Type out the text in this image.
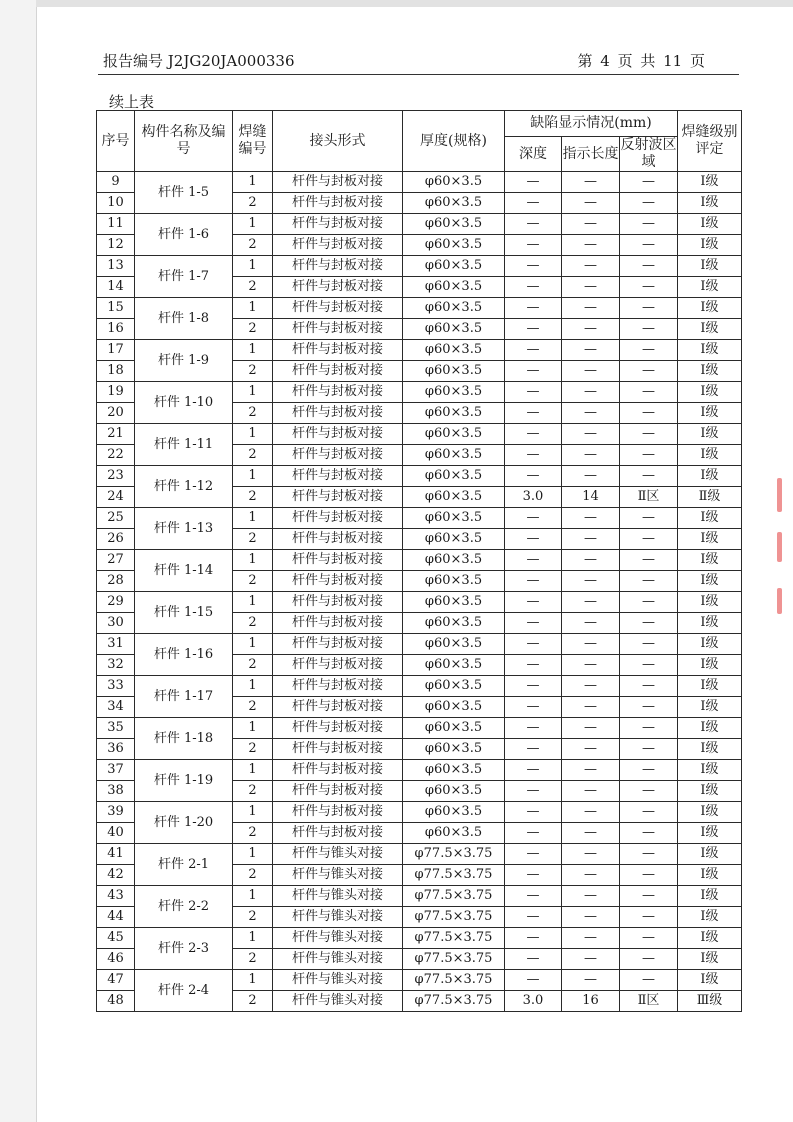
报告编号 J2JG20JA000336	第 4 页 共 11 页
续上表
序号	构件名称及编号	焊缝编号	接头形式	厚度(规格)	缺陷显示情况(mm)			焊缝级别评定
					深度	指示长度	反射波区域	
9	杆件 1-5	1	杆件与封板对接	φ60×3.5	—	—	—	Ⅰ级
10		2	杆件与封板对接	φ60×3.5	—	—	—	Ⅰ级
11	杆件 1-6	1	杆件与封板对接	φ60×3.5	—	—	—	Ⅰ级
12		2	杆件与封板对接	φ60×3.5	—	—	—	Ⅰ级
13	杆件 1-7	1	杆件与封板对接	φ60×3.5	—	—	—	Ⅰ级
14		2	杆件与封板对接	φ60×3.5	—	—	—	Ⅰ级
15	杆件 1-8	1	杆件与封板对接	φ60×3.5	—	—	—	Ⅰ级
16		2	杆件与封板对接	φ60×3.5	—	—	—	Ⅰ级
17	杆件 1-9	1	杆件与封板对接	φ60×3.5	—	—	—	Ⅰ级
18		2	杆件与封板对接	φ60×3.5	—	—	—	Ⅰ级
19	杆件 1-10	1	杆件与封板对接	φ60×3.5	—	—	—	Ⅰ级
20		2	杆件与封板对接	φ60×3.5	—	—	—	Ⅰ级
21	杆件 1-11	1	杆件与封板对接	φ60×3.5	—	—	—	Ⅰ级
22		2	杆件与封板对接	φ60×3.5	—	—	—	Ⅰ级
23	杆件 1-12	1	杆件与封板对接	φ60×3.5	—	—	—	Ⅰ级
24		2	杆件与封板对接	φ60×3.5	3.0	14	Ⅱ区	Ⅱ级
25	杆件 1-13	1	杆件与封板对接	φ60×3.5	—	—	—	Ⅰ级
26		2	杆件与封板对接	φ60×3.5	—	—	—	Ⅰ级
27	杆件 1-14	1	杆件与封板对接	φ60×3.5	—	—	—	Ⅰ级
28		2	杆件与封板对接	φ60×3.5	—	—	—	Ⅰ级
29	杆件 1-15	1	杆件与封板对接	φ60×3.5	—	—	—	Ⅰ级
30		2	杆件与封板对接	φ60×3.5	—	—	—	Ⅰ级
31	杆件 1-16	1	杆件与封板对接	φ60×3.5	—	—	—	Ⅰ级
32		2	杆件与封板对接	φ60×3.5	—	—	—	Ⅰ级
33	杆件 1-17	1	杆件与封板对接	φ60×3.5	—	—	—	Ⅰ级
34		2	杆件与封板对接	φ60×3.5	—	—	—	Ⅰ级
35	杆件 1-18	1	杆件与封板对接	φ60×3.5	—	—	—	Ⅰ级
36		2	杆件与封板对接	φ60×3.5	—	—	—	Ⅰ级
37	杆件 1-19	1	杆件与封板对接	φ60×3.5	—	—	—	Ⅰ级
38		2	杆件与封板对接	φ60×3.5	—	—	—	Ⅰ级
39	杆件 1-20	1	杆件与封板对接	φ60×3.5	—	—	—	Ⅰ级
40		2	杆件与封板对接	φ60×3.5	—	—	—	Ⅰ级
41	杆件 2-1	1	杆件与锥头对接	φ77.5×3.75	—	—	—	Ⅰ级
42		2	杆件与锥头对接	φ77.5×3.75	—	—	—	Ⅰ级
43	杆件 2-2	1	杆件与锥头对接	φ77.5×3.75	—	—	—	Ⅰ级
44		2	杆件与锥头对接	φ77.5×3.75	—	—	—	Ⅰ级
45	杆件 2-3	1	杆件与锥头对接	φ77.5×3.75	—	—	—	Ⅰ级
46		2	杆件与锥头对接	φ77.5×3.75	—	—	—	Ⅰ级
47	杆件 2-4	1	杆件与锥头对接	φ77.5×3.75	—	—	—	Ⅰ级
48		2	杆件与锥头对接	φ77.5×3.75	3.0	16	Ⅱ区	Ⅲ级
